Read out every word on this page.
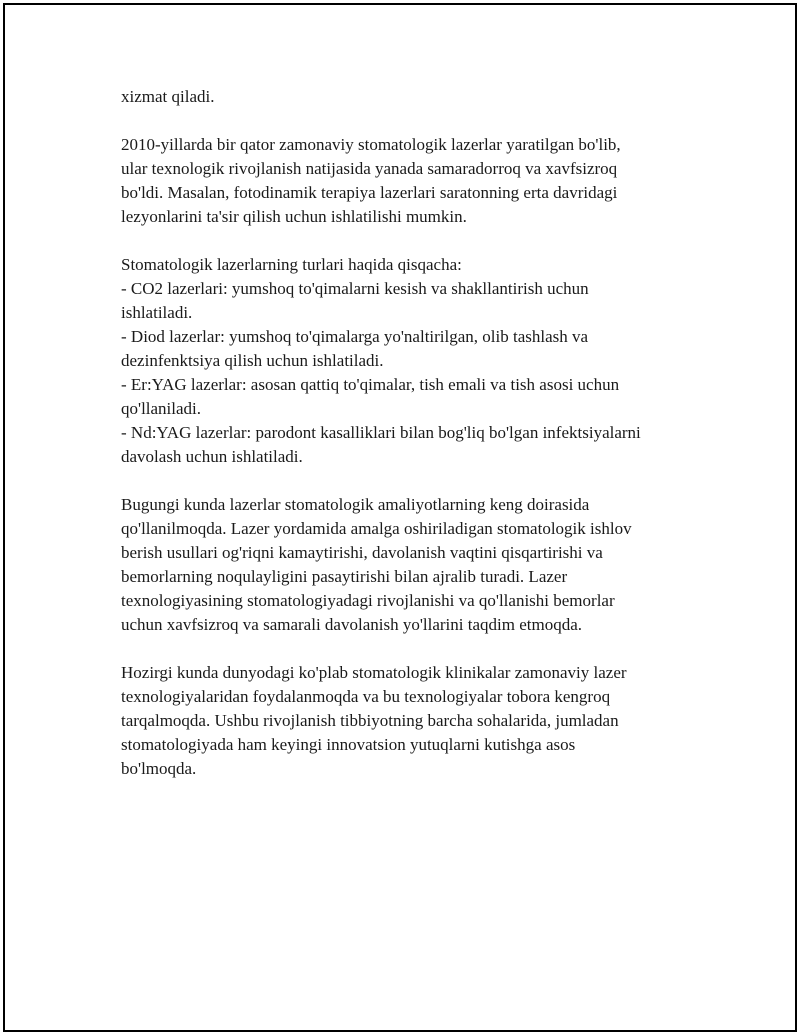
xizmat qiladi.

2010-yillarda bir qator zamonaviy stomatologik lazerlar yaratilgan bo'lib,
ular texnologik rivojlanish natijasida yanada samaradorroq va xavfsizroq
bo'ldi. Masalan, fotodinamik terapiya lazerlari saratonning erta davridagi
lezyonlarini ta'sir qilish uchun ishlatilishi mumkin.

Stomatologik lazerlarning turlari haqida qisqacha:
- CO2 lazerlari: yumshoq to'qimalarni kesish va shakllantirish uchun
ishlatiladi.
- Diod lazerlar: yumshoq to'qimalarga yo'naltirilgan, olib tashlash va
dezinfenktsiya qilish uchun ishlatiladi.
- Er:YAG lazerlar: asosan qattiq to'qimalar, tish emali va tish asosi uchun
qo'llaniladi.
- Nd:YAG lazerlar: parodont kasalliklari bilan bog'liq bo'lgan infektsiyalarni
davolash uchun ishlatiladi.

Bugungi kunda lazerlar stomatologik amaliyotlarning keng doirasida
qo'llanilmoqda. Lazer yordamida amalga oshiriladigan stomatologik ishlov
berish usullari og'riqni kamaytirishi, davolanish vaqtini qisqartirishi va
bemorlarning noqulayligini pasaytirishi bilan ajralib turadi. Lazer
texnologiyasining stomatologiyadagi rivojlanishi va qo'llanishi bemorlar
uchun xavfsizroq va samarali davolanish yo'llarini taqdim etmoqda.

Hozirgi kunda dunyodagi ko'plab stomatologik klinikalar zamonaviy lazer
texnologiyalaridan foydalanmoqda va bu texnologiyalar tobora kengroq
tarqalmoqda. Ushbu rivojlanish tibbiyotning barcha sohalarida, jumladan
stomatologiyada ham keyingi innovatsion yutuqlarni kutishga asos
bo'lmoqda.
